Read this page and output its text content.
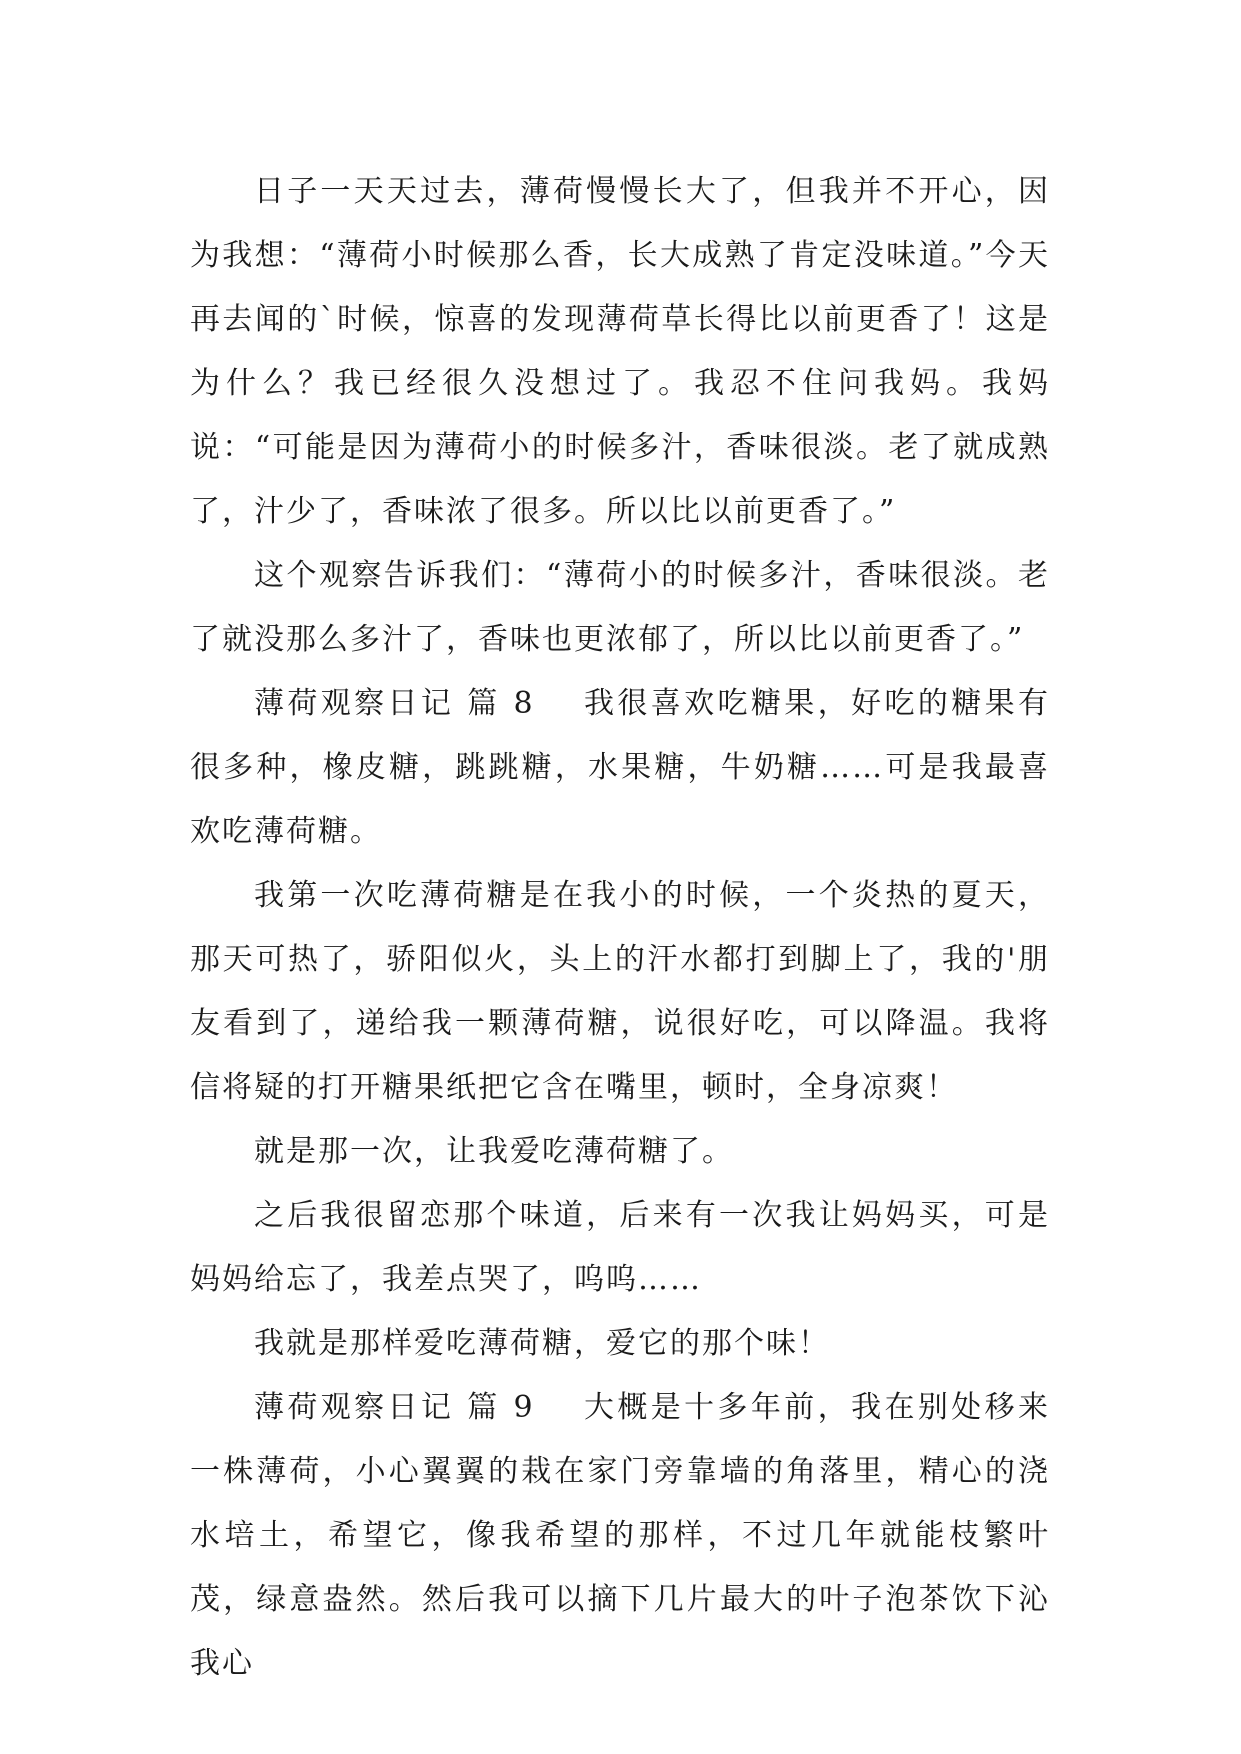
日子一天天过去，薄荷慢慢长大了，但我并不开心，因为我想：“薄荷小时候那么香，长大成熟了肯定没味道。”今天再去闻的`时候，惊喜的发现薄荷草长得比以前更香了！这是为什么？我已经很久没想过了。我忍不住问我妈。我妈说：“可能是因为薄荷小的时候多汁，香味很淡。老了就成熟了，汁少了，香味浓了很多。所以比以前更香了。”

这个观察告诉我们：“薄荷小的时候多汁，香味很淡。老了就没那么多汁了，香味也更浓郁了，所以比以前更香了。”

薄荷观察日记 篇 8 我很喜欢吃糖果，好吃的糖果有很多种，橡皮糖，跳跳糖，水果糖，牛奶糖……可是我最喜欢吃薄荷糖。

我第一次吃薄荷糖是在我小的时候，一个炎热的夏天，那天可热了，骄阳似火，头上的汗水都打到脚上了，我的'朋友看到了，递给我一颗薄荷糖，说很好吃，可以降温。我将信将疑的打开糖果纸把它含在嘴里，顿时，全身凉爽！

就是那一次，让我爱吃薄荷糖了。

之后我很留恋那个味道，后来有一次我让妈妈买，可是妈妈给忘了，我差点哭了，呜呜……

我就是那样爱吃薄荷糖，爱它的那个味！

薄荷观察日记 篇 9 大概是十多年前，我在别处移来一株薄荷，小心翼翼的栽在家门旁靠墙的角落里，精心的浇水培土，希望它，像我希望的那样，不过几年就能枝繁叶茂，绿意盎然。然后我可以摘下几片最大的叶子泡茶饮下沁我心
